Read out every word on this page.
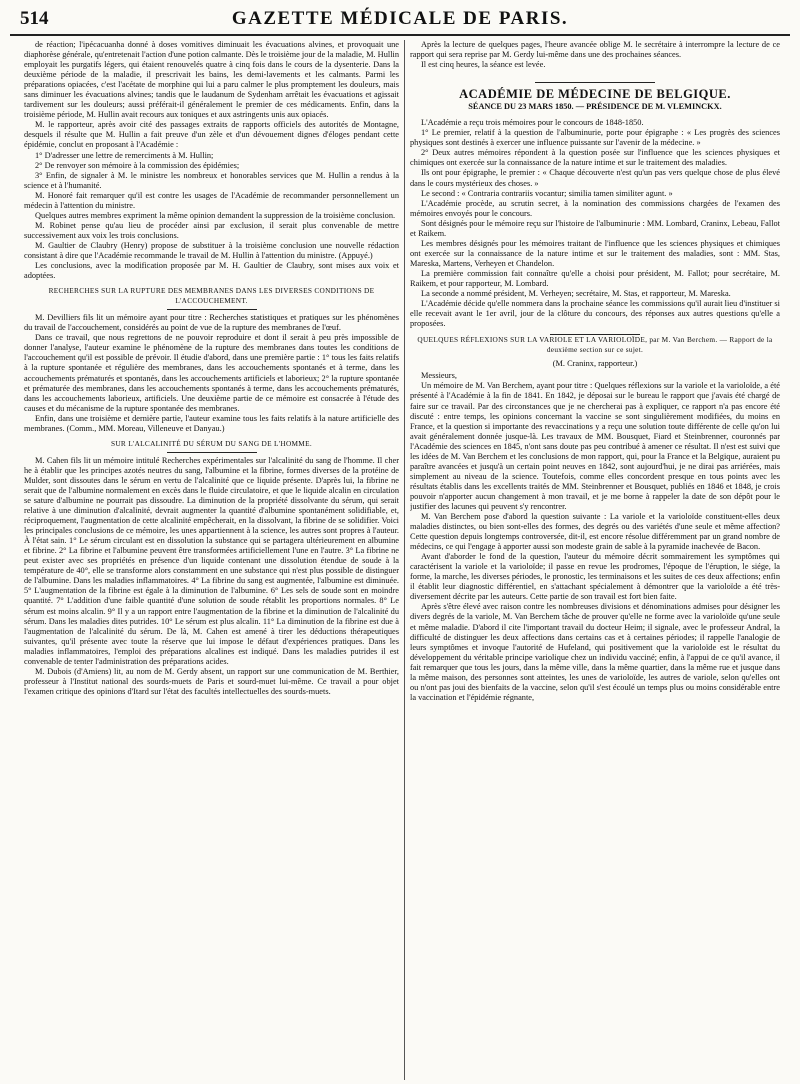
514	GAZETTE MÉDICALE DE PARIS.

de réaction; l'ipécacuanha donné à doses vomitives diminuait les évacuations alvines, et provoquait une diaphorèse générale, qu'entretenait l'action d'une potion calmante. Dès le troisième jour de la maladie, M. Hullin employait les purgatifs légers, qui étaient renouvelés quatre à cinq fois dans le cours de la dysenterie. Dans la deuxième période de la maladie, il prescrivait les bains, les demi-lavements et les calmants. Parmi les préparations opiacées, c'est l'acétate de morphine qui lui a paru calmer le plus promptement les douleurs, mais sans diminuer les évacuations alvines; tandis que le laudanum de Sydenham arrêtait les évacuations et agissait tardivement sur les douleurs; aussi préférait-il généralement le premier de ces médicaments. Enfin, dans la troisième période, M. Hullin avait recours aux toniques et aux astringents unis aux opiacés.

M. le rapporteur, après avoir cité des passages extraits de rapports officiels des autorités de Montagne, desquels il résulte que M. Hullin a fait preuve d'un zèle et d'un dévouement dignes d'éloges pendant cette épidémie, conclut en proposant à l'Académie :

1° D'adresser une lettre de remerciments à M. Hullin;

2° De renvoyer son mémoire à la commission des épidémies;

3° Enfin, de signaler à M. le ministre les nombreux et honorables services que M. Hullin a rendus à la science et à l'humanité.

M. Honoré fait remarquer qu'il est contre les usages de l'Académie de recommander personnellement un médecin à l'attention du ministre.

Quelques autres membres expriment la même opinion demandent la suppression de la troisième conclusion.

M. Robinet pense qu'au lieu de procéder ainsi par exclusion, il serait plus convenable de mettre successivement aux voix les trois conclusions.

M. Gaultier de Claubry (Henry) propose de substituer à la troisième conclusion une nouvelle rédaction consistant à dire que l'Académie recommande le travail de M. Hullin à l'attention du ministre. (Appuyé.)

Les conclusions, avec la modification proposée par M. H. Gaultier de Claubry, sont mises aux voix et adoptées.

RECHERCHES SUR LA RUPTURE DES MEMBRANES DANS LES DIVERSES CONDITIONS DE L'ACCOUCHEMENT.

M. Devilliers fils lit un mémoire ayant pour titre : Recherches statistiques et pratiques sur les phénomènes du travail de l'accouchement, considérés au point de vue de la rupture des membranes de l'œuf.

Dans ce travail, que nous regrettons de ne pouvoir reproduire et dont il serait à peu près impossible de donner l'analyse, l'auteur examine le phénomène de la rupture des membranes dans toutes les conditions de l'accouchement qu'il est possible de prévoir. Il étudie d'abord, dans une première partie : 1° tous les faits relatifs à la rupture spontanée et régulière des membranes, dans les accouchements spontanés et à terme, dans les accouchements prématurés et spontanés, dans les accouchements artificiels et laborieux; 2° la rupture spontanée et prématurée des membranes, dans les accouchements spontanés à terme, dans les accouchements prématurés, dans les accouchements laborieux, artificiels. Une deuxième partie de ce mémoire est consacrée à l'étude des causes et du mécanisme de la rupture spontanée des membranes.

Enfin, dans une troisième et dernière partie, l'auteur examine tous les faits relatifs à la nature artificielle des membranes. (Comm., MM. Moreau, Villeneuve et Danyau.)

SUR L'ALCALINITÉ DU SÉRUM DU SANG DE L'HOMME.

M. Cahen fils lit un mémoire intitulé Recherches expérimentales sur l'alcalinité du sang de l'homme. Il cher he à établir que les principes azotés neutres du sang, l'albumine et la fibrine, formes diverses de la protéine de Mulder, sont dissoutes dans le sérum en vertu de l'alcalinité que ce liquide présente. D'après lui, la fibrine ne serait que de l'albumine normalement en excès dans le fluide circulatoire, et que le liquide alcalin en circulation se sature d'albumine ne pourrait pas dissoudre. La diminution de la propriété dissolvante du sérum, qui serait relative à une diminution d'alcalinité, devrait augmenter la quantité d'albumine spontanément solidifiable, et, réciproquement, l'augmentation de cette alcalinité empêcherait, en la dissolvant, la fibrine de se solidifier. Voici les principales conclusions de ce mémoire, les unes appartiennent à la science, les autres sont propres à l'auteur. À l'état sain. 1° Le sérum circulant est en dissolution la substance qui se partagera ultérieurement en albumine et fibrine. 2° La fibrine et l'albumine peuvent être transformées artificiellement l'une en l'autre. 3° La fibrine ne peut exister avec ses propriétés en présence d'un liquide contenant une dissolution étendue de soude à la température de 40°, elle se transforme alors constamment en une substance qui n'est plus possible de distinguer de l'albumine. Dans les maladies inflammatoires. 4° La fibrine du sang est augmentée, l'albumine est diminuée. 5° L'augmentation de la fibrine est égale à la diminution de l'albumine. 6° Les sels de soude sont en moindre quantité. 7° L'addition d'une faible quantité d'une solution de soude rétablit les proportions normales. 8° Le sérum est moins alcalin. 9° Il y a un rapport entre l'augmentation de la fibrine et la diminution de l'alcalinité du sérum. Dans les maladies dites putrides. 10° Le sérum est plus alcalin. 11° La diminution de la fibrine est due à l'augmentation de l'alcalinité du sérum. De là, M. Cahen est amené à tirer les déductions thérapeutiques suivantes, qu'il présente avec toute la réserve que lui impose le défaut d'expériences pratiques. Dans les maladies inflammatoires, l'emploi des préparations alcalines est indiqué. Dans les maladies putrides il est convenable de tenter l'administration des préparations acides.

M. Dubois (d'Amiens) lit, au nom de M. Gerdy absent, un rapport sur une communication de M. Berthier, professeur à l'Institut national des sourds-muets de Paris et sourd-muet lui-même. Ce travail a pour objet l'examen critique des opinions d'Itard sur l'état des facultés intellectuelles des sourds-muets.

Après la lecture de quelques pages, l'heure avancée oblige M. le secrétaire à interrompre la lecture de ce rapport qui sera reprise par M. Gerdy lui-même dans une des prochaines séances.

Il est cinq heures, la séance est levée.

ACADÉMIE DE MÉDECINE DE BELGIQUE.

SÉANCE DU 23 MARS 1850. — PRÉSIDENCE DE M. VLEMINCKX.

L'Académie a reçu trois mémoires pour le concours de 1848-1850.

1° Le premier, relatif à la question de l'albuminurie, porte pour épigraphe : « Les progrès des sciences physiques sont destinés à exercer une influence puissante sur l'avenir de la médecine. »

2° Deux autres mémoires répondent à la question posée sur l'influence que les sciences physiques et chimiques ont exercée sur la connaissance de la nature intime et sur le traitement des maladies.

Ils ont pour épigraphe, le premier : « Chaque découverte n'est qu'un pas vers quelque chose de plus élevé dans le cours mystérieux des choses. »

Le second : « Contraria contrariis vocantur; similia tamen similiter agunt. »

L'Académie procède, au scrutin secret, à la nomination des commissions chargées de l'examen des mémoires envoyés pour le concours.

Sont désignés pour le mémoire reçu sur l'histoire de l'albuminurie : MM. Lombard, Craninx, Lebeau, Fallot et Raikem.

Les membres désignés pour les mémoires traitant de l'influence que les sciences physiques et chimiques ont exercée sur la connaissance de la nature intime et sur le traitement des maladies, sont : MM. Stas, Mareska, Martens, Verheyen et Chandelon.

La première commission fait connaître qu'elle a choisi pour président, M. Fallot; pour secrétaire, M. Raikem, et pour rapporteur, M. Lombard.

La seconde a nommé président, M. Verheyen; secrétaire, M. Stas, et rapporteur, M. Mareska.

L'Académie décide qu'elle nommera dans la prochaine séance les commissions qu'il aurait lieu d'instituer si elle recevait avant le 1er avril, jour de la clôture du concours, des réponses aux autres questions qu'elle a proposées.

QUELQUES RÉFLEXIONS SUR LA VARIOLE ET LA VARIOLOÏDE, par M. Van Berchem. — Rapport de la deuxième section sur ce sujet.

(M. Craninx, rapporteur.)

Messieurs,

Un mémoire de M. Van Berchem, ayant pour titre : Quelques réflexions sur la variole et la varioloïde, a été présenté à l'Académie à la fin de 1841. En 1842, je déposai sur le bureau le rapport que j'avais été chargé de faire sur ce travail. Par des circonstances que je ne chercherai pas à expliquer, ce rapport n'a pas encore été discuté : entre temps, les opinions concernant la vaccine se sont singulièrement modifiées, du moins en France, et la question si importante des revaccinations y a reçu une solution toute différente de celle qu'on lui avait généralement donnée jusque-là. Les travaux de MM. Bousquet, Fiard et Steinbrenner, couronnés par l'Académie des sciences en 1845, n'ont sans doute pas peu contribué à amener ce résultat. Il n'est est suivi que les idées de M. Van Berchem et les conclusions de mon rapport, qui, pour la France et la Belgique, auraient pu paraître avancées et jusqu'à un certain point neuves en 1842, sont aujourd'hui, je ne dirai pas arriérées, mais simplement au niveau de la science. Toutefois, comme elles concordent presque en tous points avec les résultats établis dans les excellents traités de MM. Steinbrenner et Bousquet, publiés en 1846 et 1848, je crois pouvoir n'apporter aucun changement à mon travail, et je me borne à rappeler la date de son dépôt pour le justifier des lacunes qui peuvent s'y rencontrer.

M. Van Berchem pose d'abord la question suivante : La variole et la varioloïde constituent-elles deux maladies distinctes, ou bien sont-elles des formes, des degrés ou des variétés d'une seule et même affection? Cette question depuis longtemps controversée, dit-il, est encore résolue différemment par un grand nombre de médecins, ce qui l'engage à apporter aussi son modeste grain de sable à la pyramide inachevée de Bacon.

Avant d'aborder le fond de la question, l'auteur du mémoire décrit sommairement les symptômes qui caractérisent la variole et la varioloïde; il passe en revue les prodromes, l'époque de l'éruption, le siége, la forme, la marche, les diverses périodes, le pronostic, les terminaisons et les suites de ces deux affections; enfin il établit leur diagnostic différentiel, en s'attachant spécialement à démontrer que la varioloïde a été très-diversement décrite par les auteurs. Cette partie de son travail est fort bien faite.

Après s'être élevé avec raison contre les nombreuses divisions et dénominations admises pour désigner les divers degrés de la variole, M. Van Berchem tâche de prouver qu'elle ne forme avec la varioloïde qu'une seule et même maladie. D'abord il cite l'important travail du docteur Heim; il signale, avec le professeur Andral, la difficulté de distinguer les deux affections dans certains cas et à certaines périodes; il rappelle l'analogie de leurs symptômes et invoque l'autorité de Hufeland, qui positivement que la varioloïde est le résultat du développement du véritable principe variolique chez un individu vacciné; enfin, à l'appui de ce qu'il avance, il fait remarquer que tous les jours, dans la même ville, dans la même quartier, dans la même rue et jusque dans la même maison, des personnes sont atteintes, les unes de varioloïde, les autres de variole, selon qu'elles ont ou n'ont pas joui des bienfaits de la vaccine, selon qu'il s'est écoulé un temps plus ou moins considérable entre la vaccination et l'épidémie régnante,
